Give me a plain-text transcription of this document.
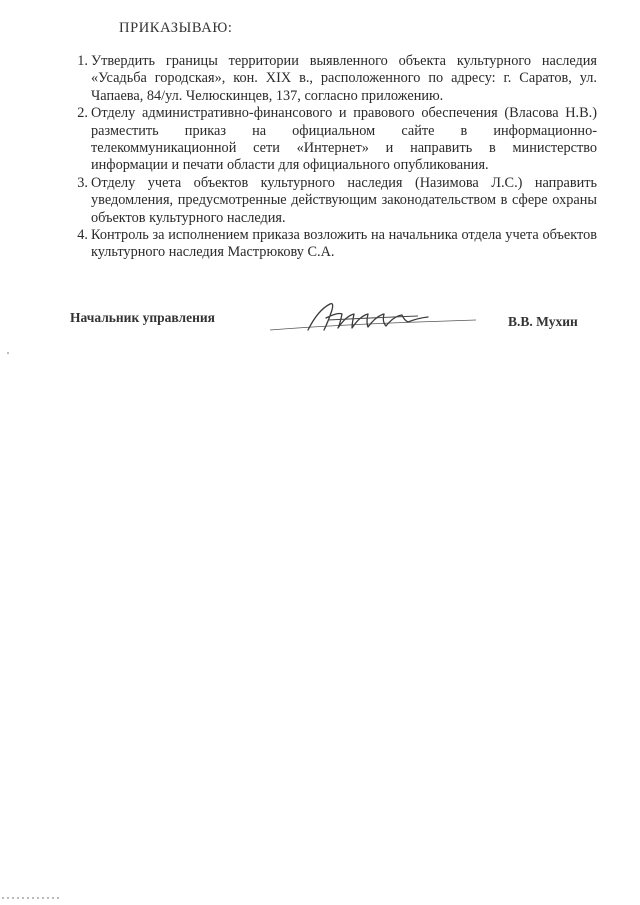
ПРИКАЗЫВАЮ:
1. Утвердить границы территории выявленного объекта культурного наследия «Усадьба городская», кон. XIX в., расположенного по адресу: г. Саратов, ул. Чапаева, 84/ул. Челюскинцев, 137, согласно приложению.
2. Отделу административно-финансового и правового обеспечения (Власова Н.В.) разместить приказ на официальном сайте в информационно-телекоммуникационной сети «Интернет» и направить в министерство информации и печати области для официального опубликования.
3. Отделу учета объектов культурного наследия (Назимова Л.С.) направить уведомления, предусмотренные действующим законодательством в сфере охраны объектов культурного наследия.
4. Контроль за исполнением приказа возложить на начальника отдела учета объектов культурного наследия Мастрюкову С.А.
Начальник управления	В.В. Мухин
